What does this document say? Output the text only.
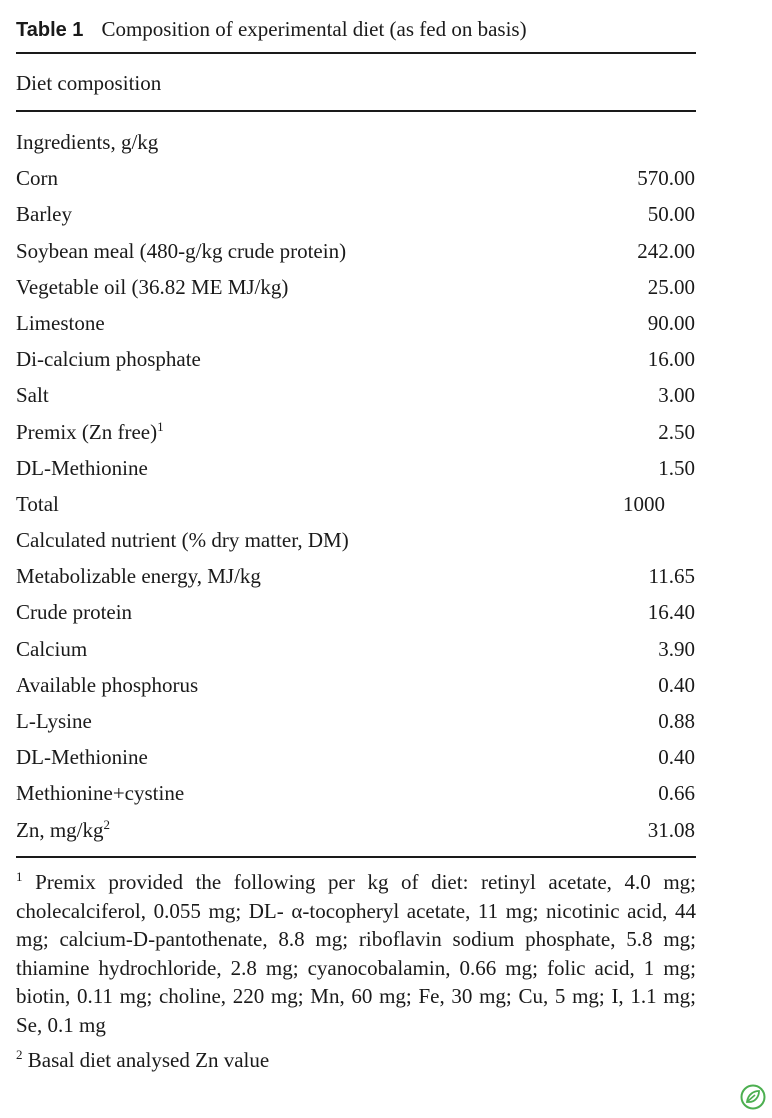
Table 1 Composition of experimental diet (as fed on basis)
Diet composition
Ingredients, g/kg
Corn	570.00
Barley	50.00
Soybean meal (480-g/kg crude protein)	242.00
Vegetable oil (36.82 ME MJ/kg)	25.00
Limestone	90.00
Di-calcium phosphate	16.00
Salt	3.00
Premix (Zn free)$^1$	2.50
DL-Methionine	1.50
Total	1000
Calculated nutrient (% dry matter, DM)
Metabolizable energy, MJ/kg	11.65
Crude protein	16.40
Calcium	3.90
Available phosphorus	0.40
L-Lysine	0.88
DL-Methionine	0.40
Methionine+cystine	0.66
Zn, $mg/kg^2$	31.08
$^1$ Premix provided the following per kg of diet: retinyl acetate, 4.0 mg; cholecalciferol, 0.055 mg; DL- α-tocopheryl acetate, 11 mg; nicotinic acid, 44 mg; calcium-D-pantothenate, 8.8 mg; riboflavin sodium phosphate, 5.8 mg; thiamine hydrochloride, 2.8 mg; cyanocobalamin, 0.66 mg; folic acid, 1 mg; biotin, 0.11 mg; choline, 220 mg; Mn, 60 mg; Fe, 30 mg; Cu, 5 mg; I, 1.1 mg; Se, 0.1 mg
$^2$ Basal diet analysed Zn value
